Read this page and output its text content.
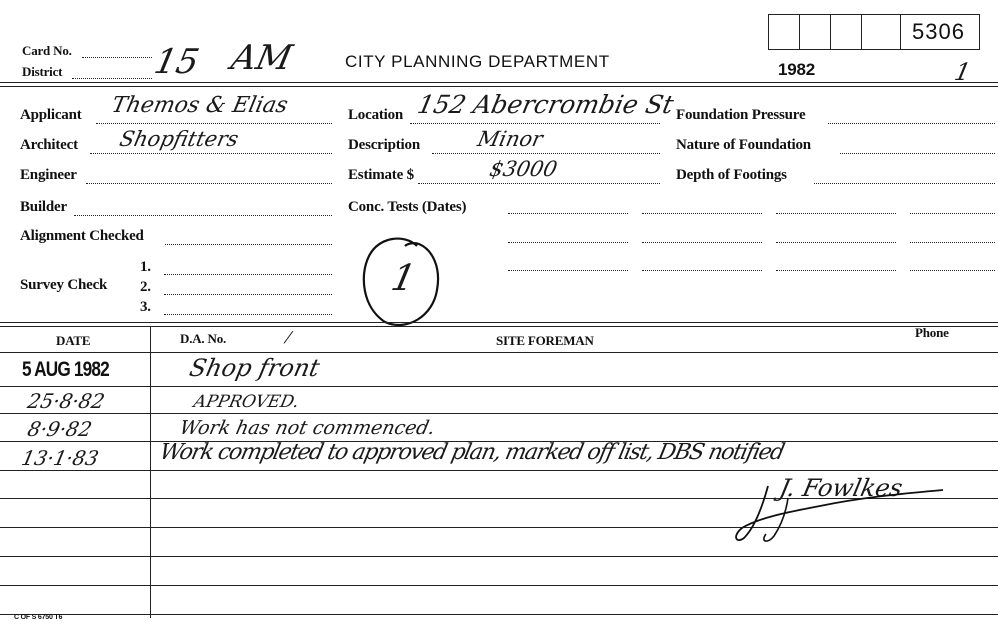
Card No.
District	15 AM	CITY PLANNING DEPARTMENT	1982	1
5306
Applicant Themos & Elias
Architect Shopfitters
Engineer
Builder
Alignment Checked
Survey Check
1.
2.
3.
Location 152 Abercrombie St
Description	Minor
Estimate $	$3000
Conc. Tests (Dates)
1
Foundation Pressure
Nature of Foundation
Depth of Footings
DATE	D.A. No.	/	SITE FOREMAN
Phone
5 AUG 1982	Shop front
25·8·82	APPROVED.
8·9·82	Work has not commenced.
13·1·83	Work completed to approved plan, marked off list, DBS notified
J. Fowlkes
C OF S 6750 T6
